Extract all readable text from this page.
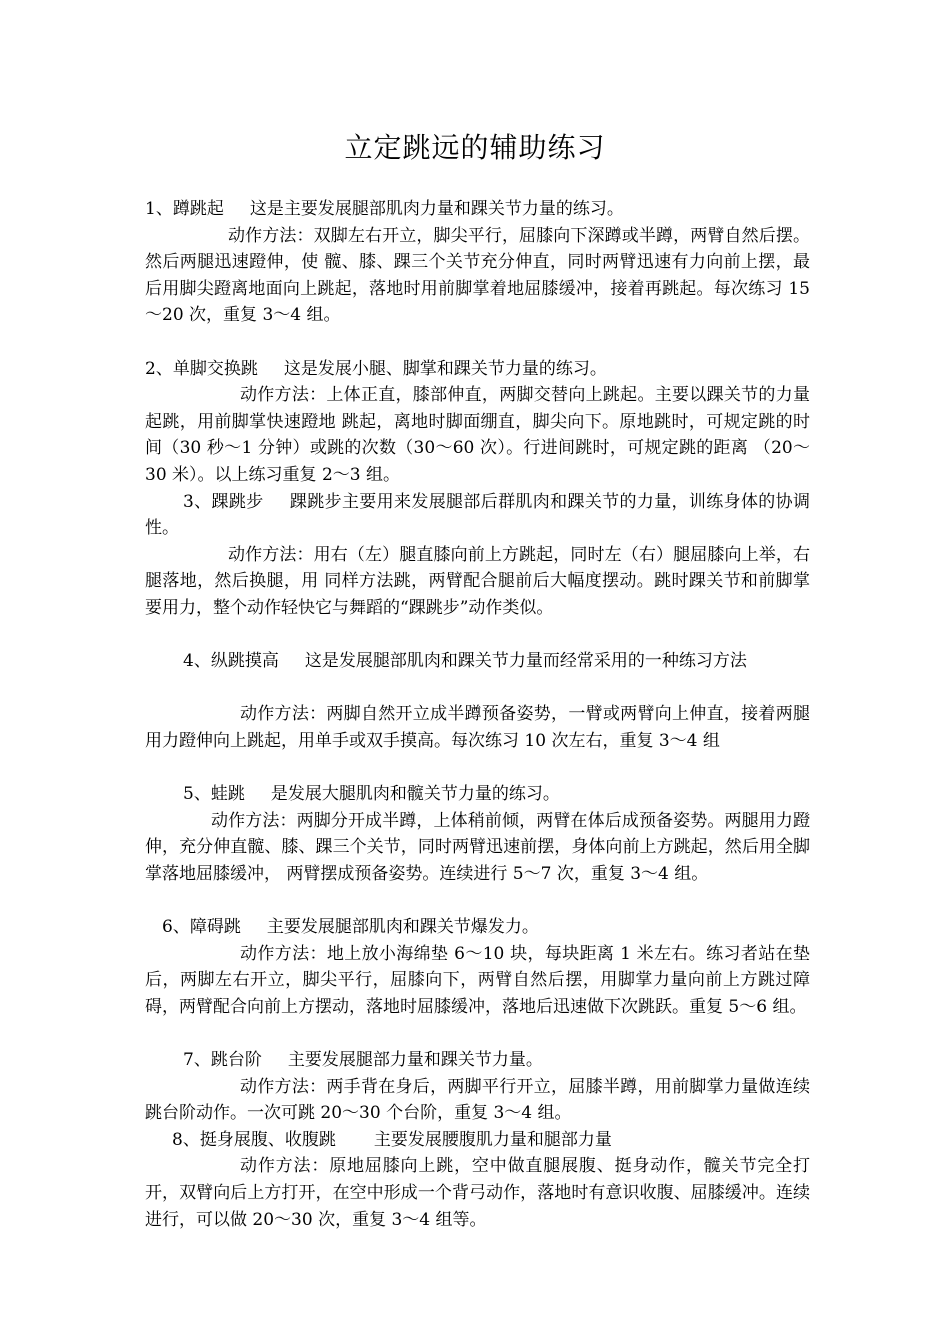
立定跳远的辅助练习

1、蹲跳起 这是主要发展腿部肌肉力量和踝关节力量的练习。

动作方法：双脚左右开立，脚尖平行，屈膝向下深蹲或半蹲，两臂自然后摆。然后两腿迅速蹬伸，使 髋、膝、踝三个关节充分伸直，同时两臂迅速有力向前上摆，最后用脚尖蹬离地面向上跳起，落地时用前脚掌着地屈膝缓冲，接着再跳起。每次练习 15～20 次，重复 3～4 组。

2、单脚交换跳 这是发展小腿、脚掌和踝关节力量的练习。

动作方法：上体正直，膝部伸直，两脚交替向上跳起。主要以踝关节的力量起跳，用前脚掌快速蹬地 跳起，离地时脚面绷直，脚尖向下。原地跳时，可规定跳的时间（30 秒～1 分钟）或跳的次数（30～60 次）。行进间跳时，可规定跳的距离 （20～30 米）。以上练习重复 2～3 组。

3、踝跳步 踝跳步主要用来发展腿部后群肌肉和踝关节的力量，训练身体的协调性。

动作方法：用右（左）腿直膝向前上方跳起，同时左（右）腿屈膝向上举，右腿落地，然后换腿，用 同样方法跳，两臂配合腿前后大幅度摆动。跳时踝关节和前脚掌要用力，整个动作轻快它与舞蹈的“踝跳步”动作类似。

4、纵跳摸高 这是发展腿部肌肉和踝关节力量而经常采用的一种练习方法

动作方法：两脚自然开立成半蹲预备姿势，一臂或两臂向上伸直，接着两腿用力蹬伸向上跳起，用单手或双手摸高。每次练习 10 次左右，重复 3～4 组

5、蛙跳 是发展大腿肌肉和髋关节力量的练习。

动作方法：两脚分开成半蹲，上体稍前倾，两臂在体后成预备姿势。两腿用力蹬伸，充分伸直髋、膝、踝三个关节，同时两臂迅速前摆，身体向前上方跳起，然后用全脚掌落地屈膝缓冲， 两臂摆成预备姿势。连续进行 5～7 次，重复 3～4 组。

6、障碍跳 主要发展腿部肌肉和踝关节爆发力。

动作方法：地上放小海绵垫 6～10 块，每块距离 1 米左右。练习者站在垫后，两脚左右开立，脚尖平行，屈膝向下，两臂自然后摆，用脚掌力量向前上方跳过障碍，两臂配合向前上方摆动，落地时屈膝缓冲，落地后迅速做下次跳跃。重复 5～6 组。

7、跳台阶 主要发展腿部力量和踝关节力量。

动作方法：两手背在身后，两脚平行开立，屈膝半蹲，用前脚掌力量做连续跳台阶动作。一次可跳 20～30 个台阶，重复 3～4 组。

8、挺身展腹、收腹跳 主要发展腰腹肌力量和腿部力量

动作方法：原地屈膝向上跳，空中做直腿展腹、挺身动作，髋关节完全打开，双臂向后上方打开，在空中形成一个背弓动作，落地时有意识收腹、屈膝缓冲。连续进行，可以做 20～30 次，重复 3～4 组等。
